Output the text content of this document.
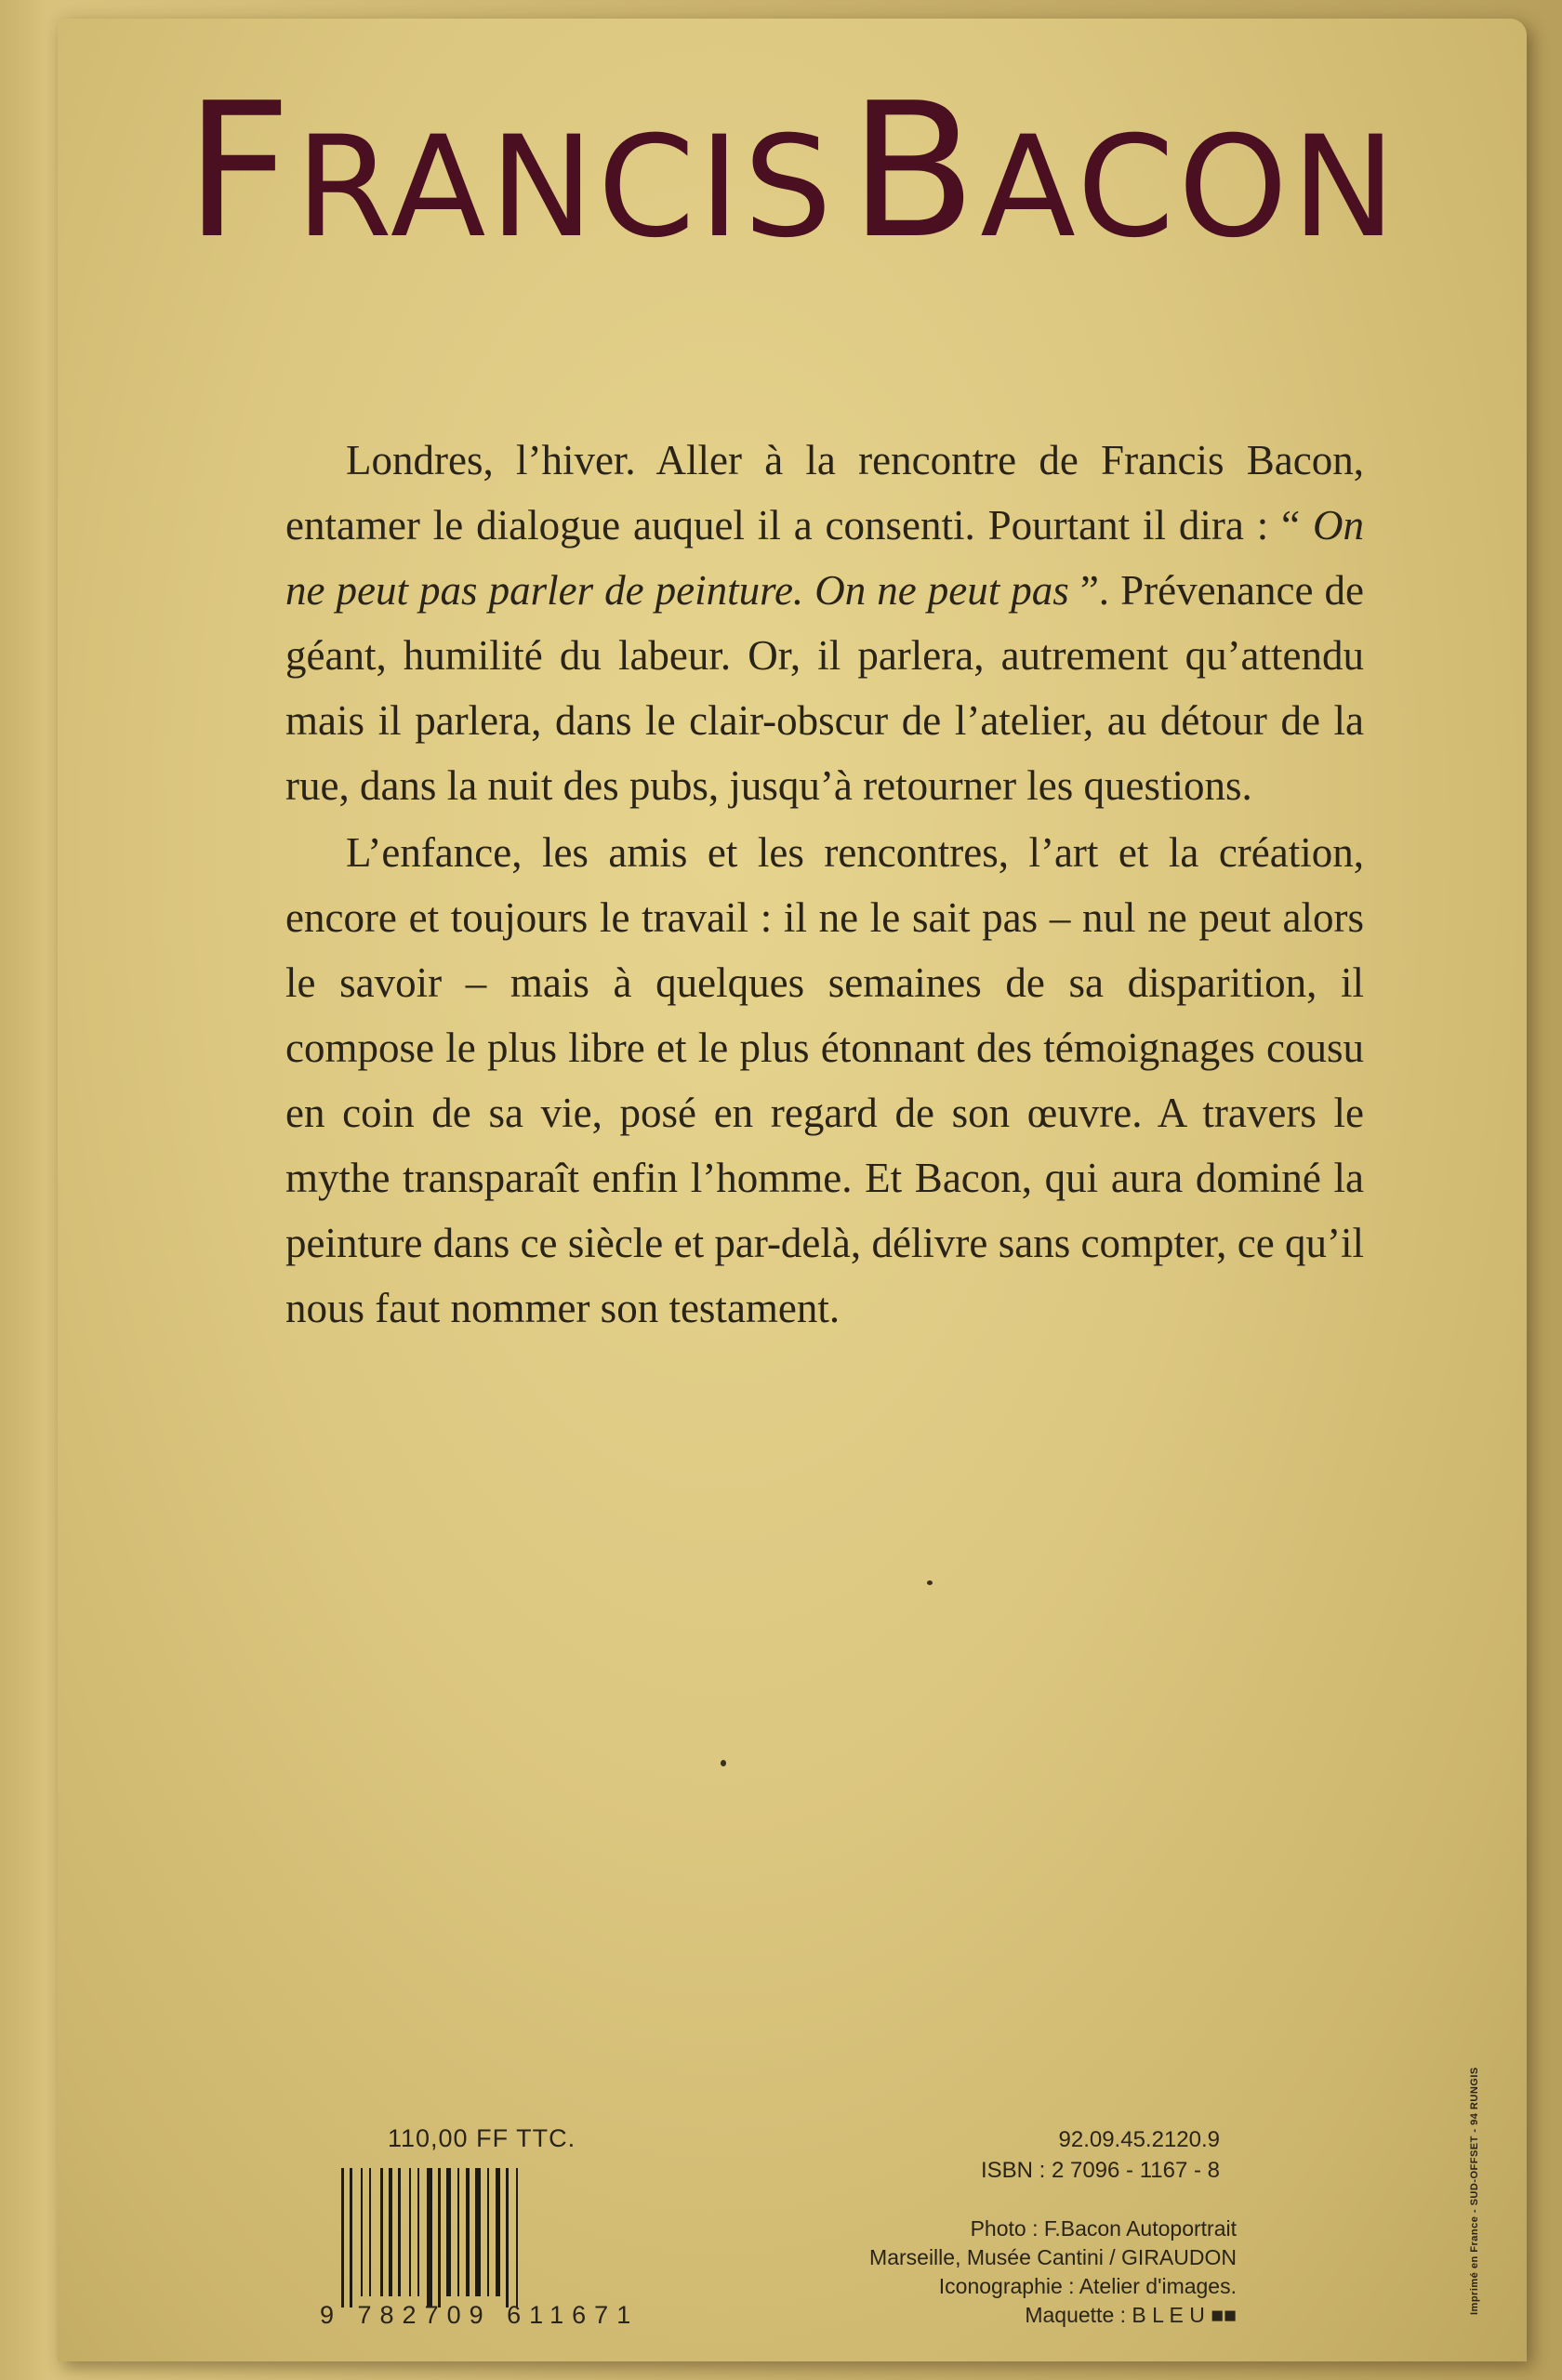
FRANCIS BACON

Londres, l’hiver. Aller à la rencontre de Francis Bacon, entamer le dialogue auquel il a consenti. Pourtant il dira : “ On ne peut pas parler de peinture. On ne peut pas ”. Prévenance de géant, humilité du labeur. Or, il parlera, autrement qu’attendu mais il parlera, dans le clair-obscur de l’atelier, au détour de la rue, dans la nuit des pubs, jusqu’à retourner les questions.

L’enfance, les amis et les rencontres, l’art et la création, encore et toujours le travail : il ne le sait pas – nul ne peut alors le savoir – mais à quelques semaines de sa disparition, il compose le plus libre et le plus étonnant des témoignages cousu en coin de sa vie, posé en regard de son œuvre. A travers le mythe transparaît enfin l’homme. Et Bacon, qui aura dominé la peinture dans ce siècle et par-delà, délivre sans compter, ce qu’il nous faut nommer son testament.

110,00 FF TTC.
9 782709 611671
92.09.45.2120.9
ISBN : 2 7096 - 1167 - 8
Photo : F.Bacon Autoportrait
Marseille, Musée Cantini / GIRAUDON
Iconographie : Atelier d'images.
Maquette : B L E U ■■	Imprimé en France - SUD-OFFSET - 94 RUNGIS
